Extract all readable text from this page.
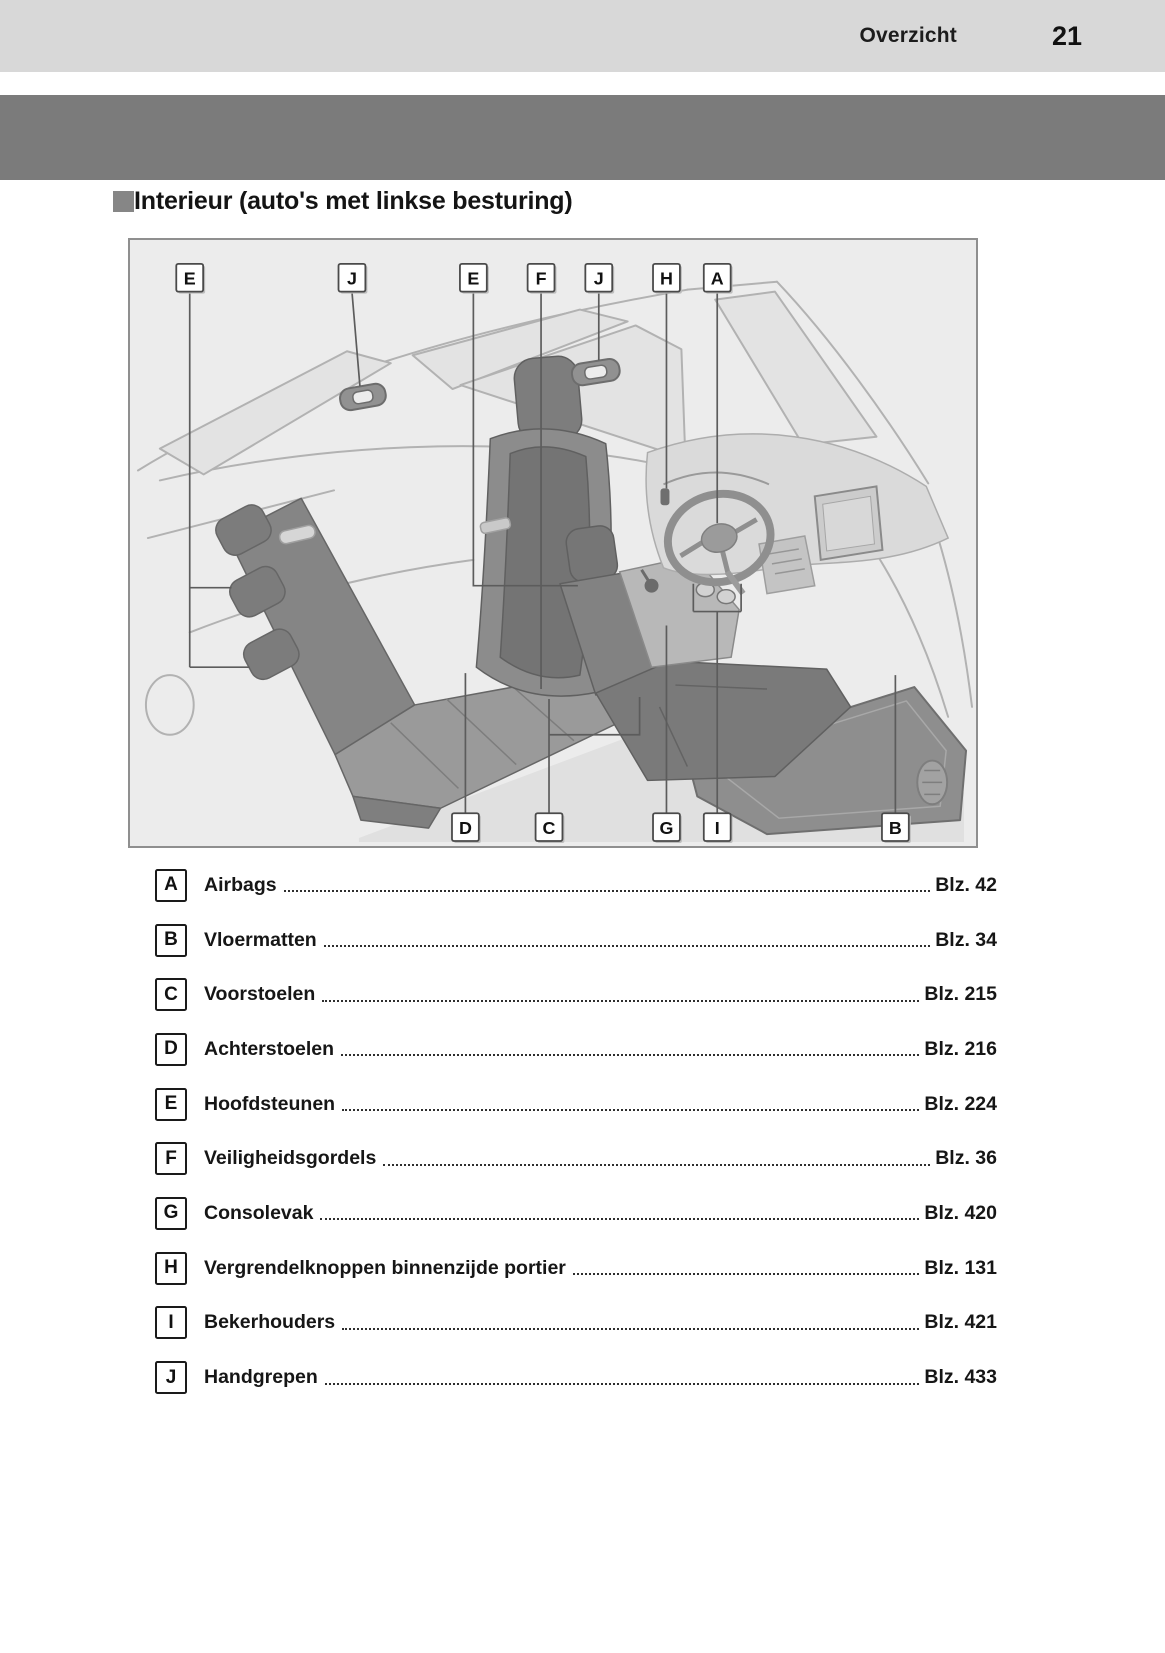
Overzicht	21
Interieur (auto's met linkse besturing)
E	J	E	F	J	H A
D	C	G I	B
A	Airbags	Blz. 42
B	Vloermatten	Blz. 34
C	Voorstoelen	Blz. 215
D	Achterstoelen	Blz. 216
E	Hoofdsteunen	Blz. 224
F	Veiligheidsgordels	Blz. 36
G	Consolevak	Blz. 420
H	Vergrendelknoppen binnenzijde portier	Blz. 131
I	Bekerhouders	Blz. 421
J	Handgrepen	Blz. 433
